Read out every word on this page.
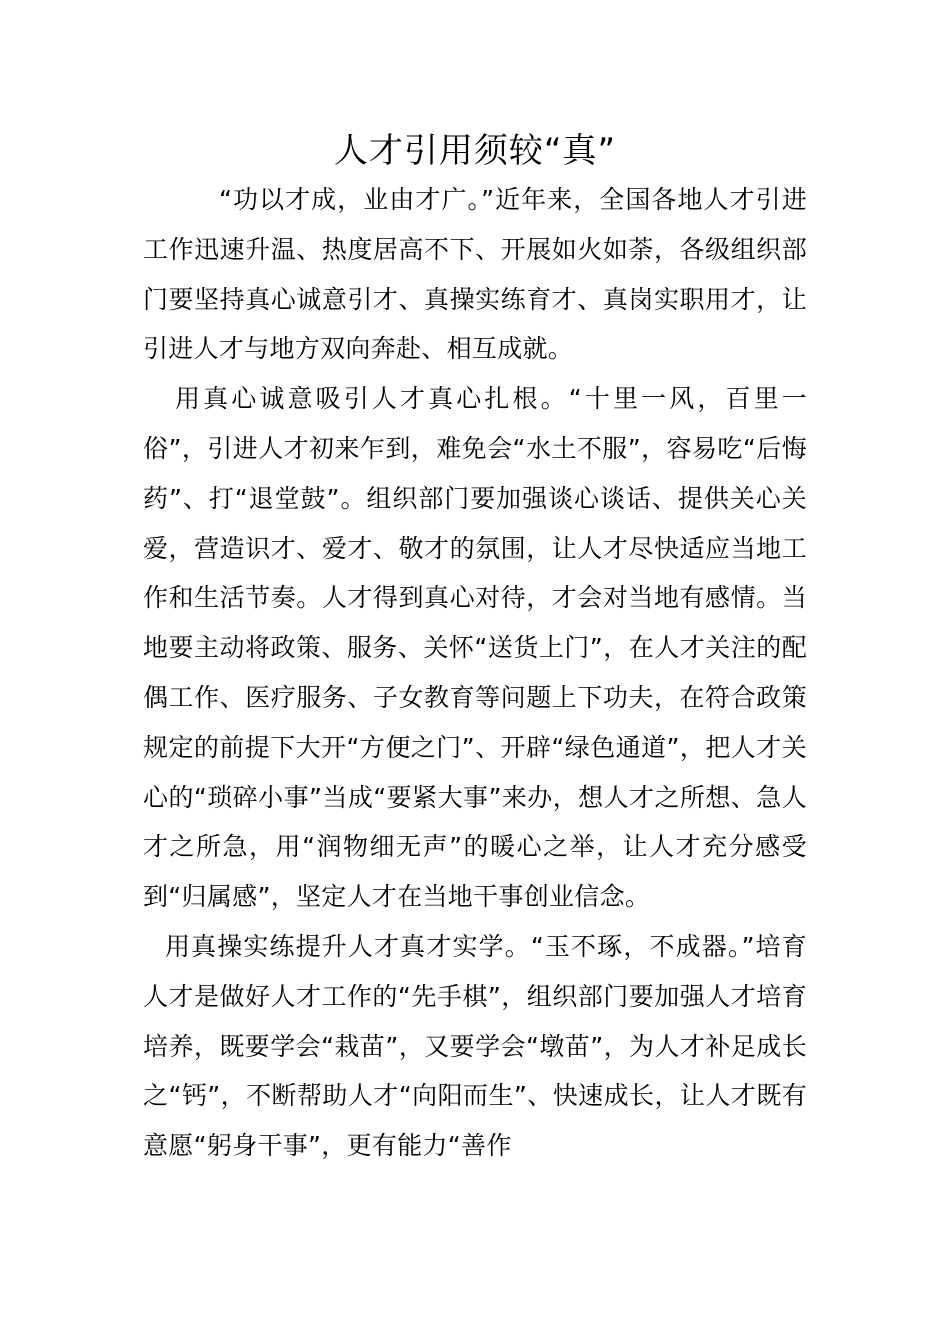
人才引用须较“真”

“功以才成，业由才广。”近年来，全国各地人才引进工作迅速升温、热度居高不下、开展如火如荼，各级组织部门要坚持真心诚意引才、真操实练育才、真岗实职用才，让引进人才与地方双向奔赴、相互成就。

用真心诚意吸引人才真心扎根。“十里一风，百里一俗”，引进人才初来乍到，难免会“水土不服”，容易吃“后悔药”、打“退堂鼓”。组织部门要加强谈心谈话、提供关心关爱，营造识才、爱才、敬才的氛围，让人才尽快适应当地工作和生活节奏。人才得到真心对待，才会对当地有感情。当地要主动将政策、服务、关怀“送货上门”，在人才关注的配偶工作、医疗服务、子女教育等问题上下功夫，在符合政策规定的前提下大开“方便之门”、开辟“绿色通道”，把人才关心的“琐碎小事”当成“要紧大事”来办，想人才之所想、急人才之所急，用“润物细无声”的暖心之举，让人才充分感受到“归属感”，坚定人才在当地干事创业信念。

用真操实练提升人才真才实学。“玉不琢，不成器。”培育人才是做好人才工作的“先手棋”，组织部门要加强人才培育培养，既要学会“栽苗”，又要学会“墩苗”，为人才补足成长之“钙”，不断帮助人才“向阳而生”、快速成长，让人才既有意愿“躬身干事”，更有能力“善作
